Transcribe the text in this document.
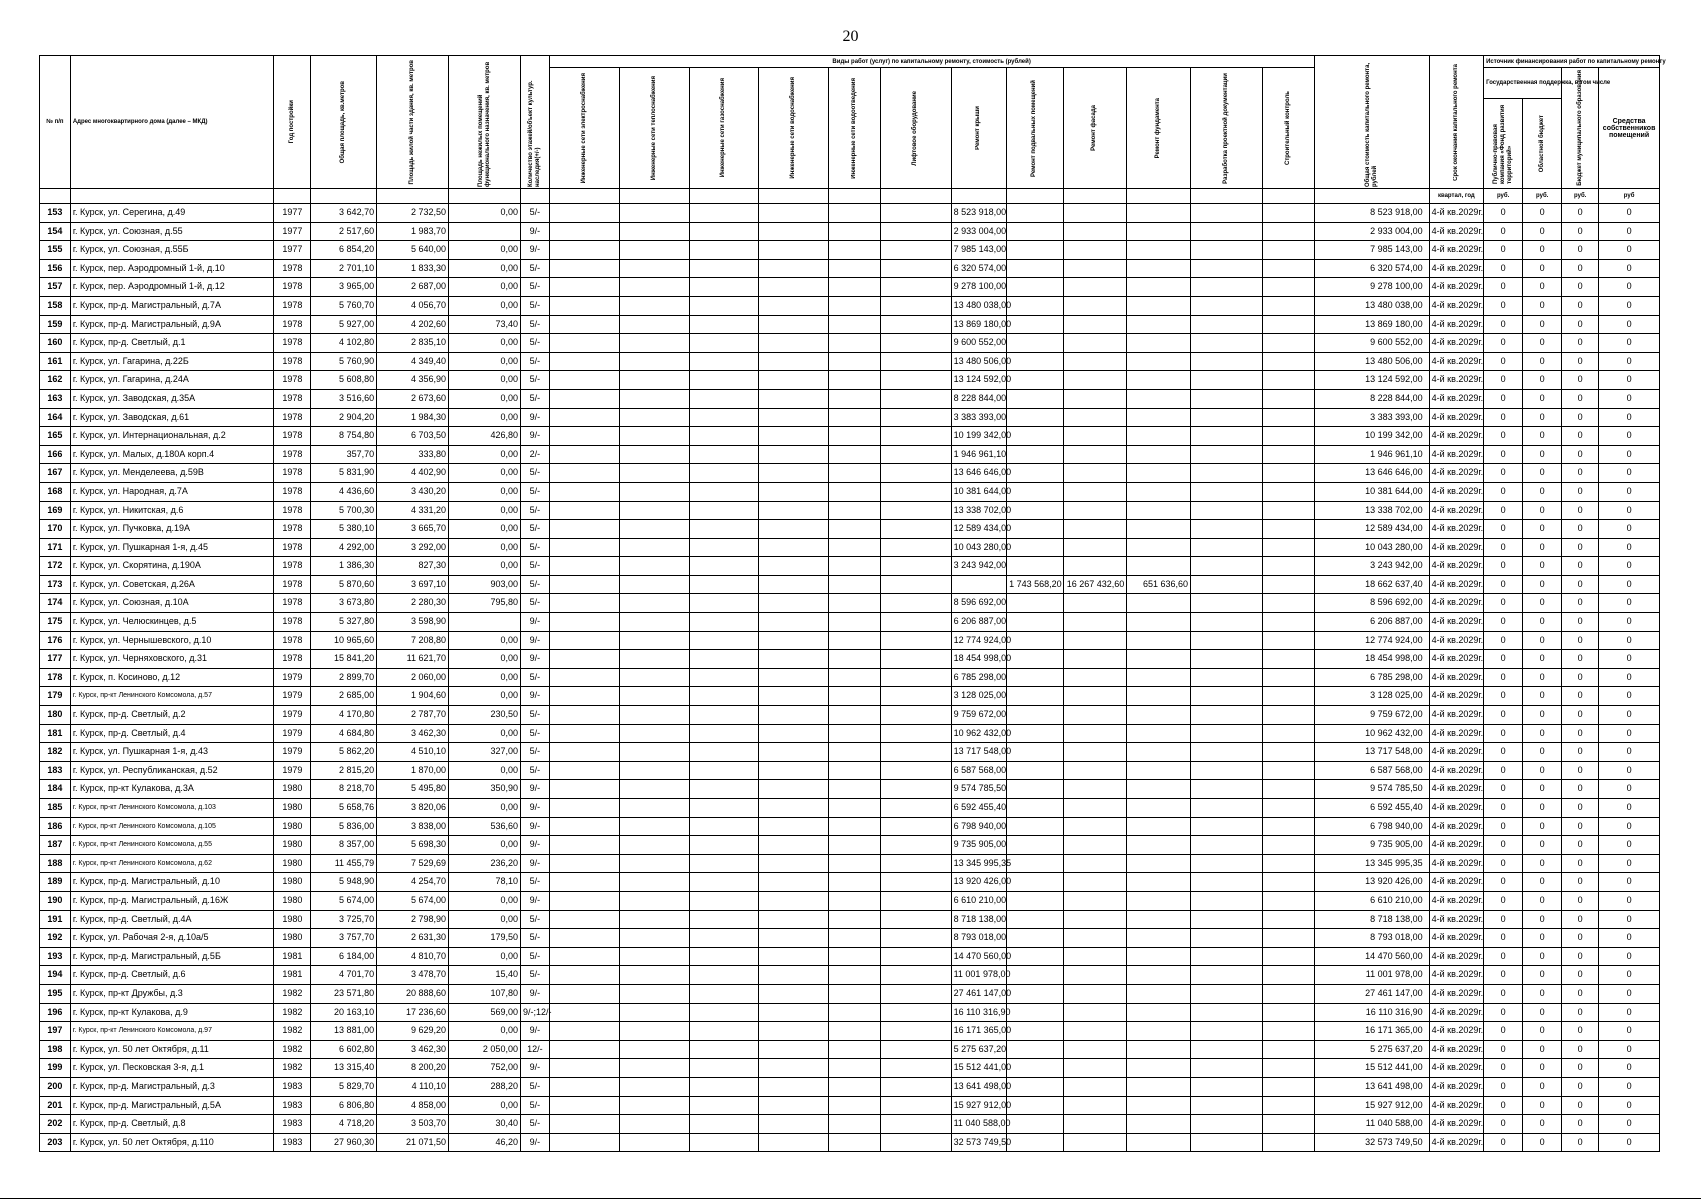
20
№ п/п	Адрес многоквартирного дома (далее – МКД)	Год постройки	Общая площадь, кв.метров	Площадь жилой части здания, кв. метров	Площадь нежилых помещений функционального назначения, кв. метров	Количество этажей/объект культур. наследия(+/-)	Виды работ (услуг) по капитальному ремонту, стоимость (рублей)												Общая стоимость капитального ремонта, рублей	Срок окончания капитального ремонта	Источник финансирования работ по капитальному ремонту			

							Инженерные сети электроснабжения	Инженерные сети теплоснабжения	Инженерные сети газоснабжения	Инженерные сети водоснабжения	Инженерные сети водоотведения	Лифтовое оборудование	Ремонт крыши	Ремонт подвальных помещений	Ремонт фасада	Ремонт фундамента	Разработка проектной документации	Строительный контроль			Государственная поддержка, в том числе		Бюджет муниципального образования	Средства собственников помещений

																					Публично-правовая компания «Фонд развития территорий»	Областной бюджет		

																				квартал, год	руб.	руб.	руб.	руб
153	г. Курск, ул. Серегина, д.49	1977	3 642,70	2 732,50	0,00	5/-							8 523 918,00						8 523 918,00	4-й кв.2029г.	0	0	0	0
154	г. Курск, ул. Союзная, д.55	1977	2 517,60	1 983,70		9/-							2 933 004,00						2 933 004,00	4-й кв.2029г.	0	0	0	0
155	г. Курск, ул. Союзная, д.55Б	1977	6 854,20	5 640,00	0,00	9/-							7 985 143,00						7 985 143,00	4-й кв.2029г.	0	0	0	0
156	г. Курск, пер. Аэродромный 1-й, д.10	1978	2 701,10	1 833,30	0,00	5/-							6 320 574,00						6 320 574,00	4-й кв.2029г.	0	0	0	0
157	г. Курск, пер. Аэродромный 1-й, д.12	1978	3 965,00	2 687,00	0,00	5/-							9 278 100,00						9 278 100,00	4-й кв.2029г.	0	0	0	0
158	г. Курск, пр-д. Магистральный, д.7А	1978	5 760,70	4 056,70	0,00	5/-							13 480 038,00						13 480 038,00	4-й кв.2029г.	0	0	0	0
159	г. Курск, пр-д. Магистральный, д.9А	1978	5 927,00	4 202,60	73,40	5/-							13 869 180,00						13 869 180,00	4-й кв.2029г.	0	0	0	0
160	г. Курск, пр-д. Светлый, д.1	1978	4 102,80	2 835,10	0,00	5/-							9 600 552,00						9 600 552,00	4-й кв.2029г.	0	0	0	0
161	г. Курск, ул. Гагарина, д.22Б	1978	5 760,90	4 349,40	0,00	5/-							13 480 506,00						13 480 506,00	4-й кв.2029г.	0	0	0	0
162	г. Курск, ул. Гагарина, д.24А	1978	5 608,80	4 356,90	0,00	5/-							13 124 592,00						13 124 592,00	4-й кв.2029г.	0	0	0	0
163	г. Курск, ул. Заводская, д.35А	1978	3 516,60	2 673,60	0,00	5/-							8 228 844,00						8 228 844,00	4-й кв.2029г.	0	0	0	0
164	г. Курск, ул. Заводская, д.61	1978	2 904,20	1 984,30	0,00	9/-							3 383 393,00						3 383 393,00	4-й кв.2029г.	0	0	0	0
165	г. Курск, ул. Интернациональная, д.2	1978	8 754,80	6 703,50	426,80	9/-							10 199 342,00						10 199 342,00	4-й кв.2029г.	0	0	0	0
166	г. Курск, ул. Малых, д.180А корп.4	1978	357,70	333,80	0,00	2/-							1 946 961,10						1 946 961,10	4-й кв.2029г.	0	0	0	0
167	г. Курск, ул. Менделеева, д.59В	1978	5 831,90	4 402,90	0,00	5/-							13 646 646,00						13 646 646,00	4-й кв.2029г.	0	0	0	0
168	г. Курск, ул. Народная, д.7А	1978	4 436,60	3 430,20	0,00	5/-							10 381 644,00						10 381 644,00	4-й кв.2029г.	0	0	0	0
169	г. Курск, ул. Никитская, д.6	1978	5 700,30	4 331,20	0,00	5/-							13 338 702,00						13 338 702,00	4-й кв.2029г.	0	0	0	0
170	г. Курск, ул. Пучковка, д.19А	1978	5 380,10	3 665,70	0,00	5/-							12 589 434,00						12 589 434,00	4-й кв.2029г.	0	0	0	0
171	г. Курск, ул. Пушкарная 1-я, д.45	1978	4 292,00	3 292,00	0,00	5/-							10 043 280,00						10 043 280,00	4-й кв.2029г.	0	0	0	0
172	г. Курск, ул. Скорятина, д.190А	1978	1 386,30	827,30	0,00	5/-							3 243 942,00						3 243 942,00	4-й кв.2029г.	0	0	0	0
173	г. Курск, ул. Советская, д.26А	1978	5 870,60	3 697,10	903,00	5/-								1 743 568,20	16 267 432,60	651 636,60			18 662 637,40	4-й кв.2029г.	0	0	0	0
174	г. Курск, ул. Союзная, д.10А	1978	3 673,80	2 280,30	795,80	5/-							8 596 692,00						8 596 692,00	4-й кв.2029г.	0	0	0	0
175	г. Курск, ул. Челюскинцев, д.5	1978	5 327,80	3 598,90		9/-							6 206 887,00						6 206 887,00	4-й кв.2029г.	0	0	0	0
176	г. Курск, ул. Чернышевского, д.10	1978	10 965,60	7 208,80	0,00	9/-							12 774 924,00						12 774 924,00	4-й кв.2029г.	0	0	0	0
177	г. Курск, ул. Черняховского, д.31	1978	15 841,20	11 621,70	0,00	9/-							18 454 998,00						18 454 998,00	4-й кв.2029г.	0	0	0	0
178	г. Курск, п. Косиново, д.12	1979	2 899,70	2 060,00	0,00	5/-							6 785 298,00						6 785 298,00	4-й кв.2029г.	0	0	0	0
179	г. Курск, пр-кт Ленинского Комсомола, д.57	1979	2 685,00	1 904,60	0,00	9/-							3 128 025,00						3 128 025,00	4-й кв.2029г.	0	0	0	0
180	г. Курск, пр-д. Светлый, д.2	1979	4 170,80	2 787,70	230,50	5/-							9 759 672,00						9 759 672,00	4-й кв.2029г.	0	0	0	0
181	г. Курск, пр-д. Светлый, д.4	1979	4 684,80	3 462,30	0,00	5/-							10 962 432,00						10 962 432,00	4-й кв.2029г.	0	0	0	0
182	г. Курск, ул. Пушкарная 1-я, д.43	1979	5 862,20	4 510,10	327,00	5/-							13 717 548,00						13 717 548,00	4-й кв.2029г.	0	0	0	0
183	г. Курск, ул. Республиканская, д.52	1979	2 815,20	1 870,00	0,00	5/-							6 587 568,00						6 587 568,00	4-й кв.2029г.	0	0	0	0
184	г. Курск, пр-кт Кулакова, д.3А	1980	8 218,70	5 495,80	350,90	9/-							9 574 785,50						9 574 785,50	4-й кв.2029г.	0	0	0	0
185	г. Курск, пр-кт Ленинского Комсомола, д.103	1980	5 658,76	3 820,06	0,00	9/-							6 592 455,40						6 592 455,40	4-й кв.2029г.	0	0	0	0
186	г. Курск, пр-кт Ленинского Комсомола, д.105	1980	5 836,00	3 838,00	536,60	9/-							6 798 940,00						6 798 940,00	4-й кв.2029г.	0	0	0	0
187	г. Курск, пр-кт Ленинского Комсомола, д.55	1980	8 357,00	5 698,30	0,00	9/-							9 735 905,00						9 735 905,00	4-й кв.2029г.	0	0	0	0
188	г. Курск, пр-кт Ленинского Комсомола, д.62	1980	11 455,79	7 529,69	236,20	9/-							13 345 995,35						13 345 995,35	4-й кв.2029г.	0	0	0	0
189	г. Курск, пр-д. Магистральный, д.10	1980	5 948,90	4 254,70	78,10	5/-							13 920 426,00						13 920 426,00	4-й кв.2029г.	0	0	0	0
190	г. Курск, пр-д. Магистральный, д.16Ж	1980	5 674,00	5 674,00	0,00	9/-							6 610 210,00						6 610 210,00	4-й кв.2029г.	0	0	0	0
191	г. Курск, пр-д. Светлый, д.4А	1980	3 725,70	2 798,90	0,00	5/-							8 718 138,00						8 718 138,00	4-й кв.2029г.	0	0	0	0
192	г. Курск, ул. Рабочая 2-я, д.10а/5	1980	3 757,70	2 631,30	179,50	5/-							8 793 018,00						8 793 018,00	4-й кв.2029г.	0	0	0	0
193	г. Курск, пр-д. Магистральный, д.5Б	1981	6 184,00	4 810,70	0,00	5/-							14 470 560,00						14 470 560,00	4-й кв.2029г.	0	0	0	0
194	г. Курск, пр-д. Светлый, д.6	1981	4 701,70	3 478,70	15,40	5/-							11 001 978,00						11 001 978,00	4-й кв.2029г.	0	0	0	0
195	г. Курск, пр-кт Дружбы, д.3	1982	23 571,80	20 888,60	107,80	9/-							27 461 147,00						27 461 147,00	4-й кв.2029г.	0	0	0	0
196	г. Курск, пр-кт Кулакова, д.9	1982	20 163,10	17 236,60	569,00	9/-;12/-							16 110 316,90						16 110 316,90	4-й кв.2029г.	0	0	0	0
197	г. Курск, пр-кт Ленинского Комсомола, д.97	1982	13 881,00	9 629,20	0,00	9/-							16 171 365,00						16 171 365,00	4-й кв.2029г.	0	0	0	0
198	г. Курск, ул. 50 лет Октября, д.11	1982	6 602,80	3 462,30	2 050,00	12/-							5 275 637,20						5 275 637,20	4-й кв.2029г.	0	0	0	0
199	г. Курск, ул. Песковская 3-я, д.1	1982	13 315,40	8 200,20	752,00	9/-							15 512 441,00						15 512 441,00	4-й кв.2029г.	0	0	0	0
200	г. Курск, пр-д. Магистральный, д.3	1983	5 829,70	4 110,10	288,20	5/-							13 641 498,00						13 641 498,00	4-й кв.2029г.	0	0	0	0
201	г. Курск, пр-д. Магистральный, д.5А	1983	6 806,80	4 858,00	0,00	5/-							15 927 912,00						15 927 912,00	4-й кв.2029г.	0	0	0	0
202	г. Курск, пр-д. Светлый, д.8	1983	4 718,20	3 503,70	30,40	5/-							11 040 588,00						11 040 588,00	4-й кв.2029г.	0	0	0	0
203	г. Курск, ул. 50 лет Октября, д.110	1983	27 960,30	21 071,50	46,20	9/-							32 573 749,50						32 573 749,50	4-й кв.2029г.	0	0	0	0
